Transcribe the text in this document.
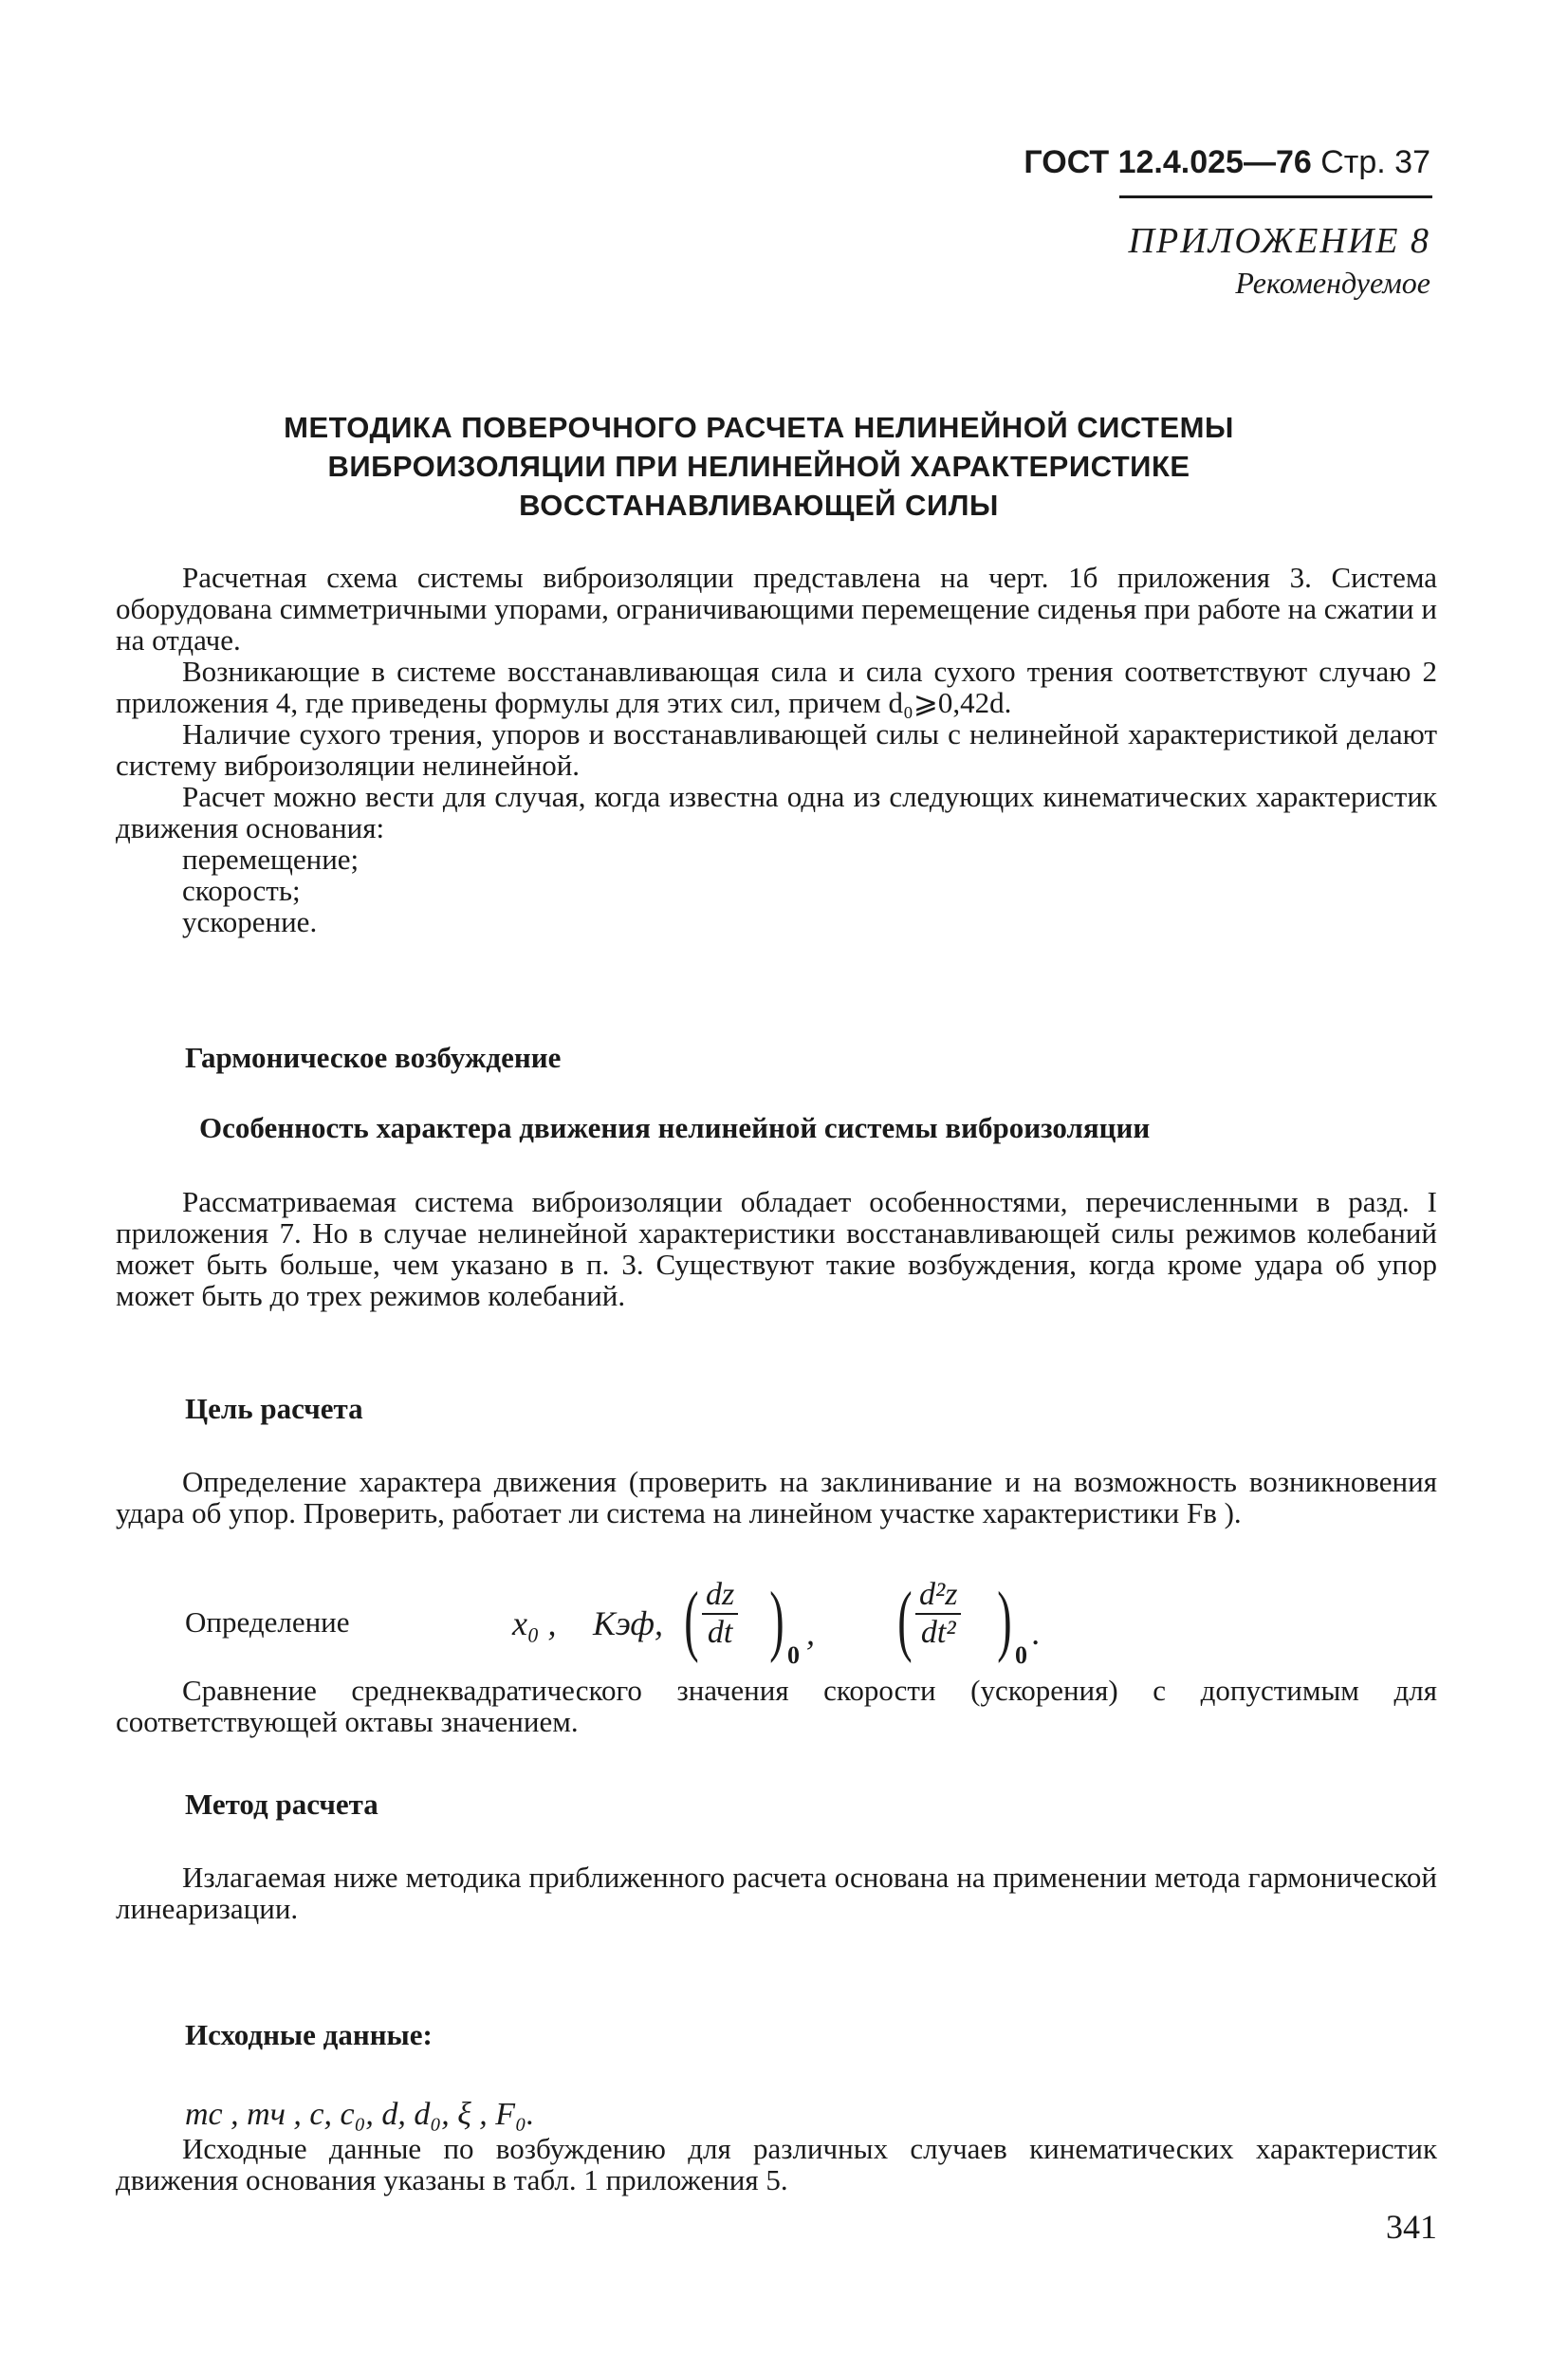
ГОСТ 12.4.025—76 Стр. 37
ПРИЛОЖЕНИЕ 8
Рекомендуемое
МЕТОДИКА ПОВЕРОЧНОГО РАСЧЕТА НЕЛИНЕЙНОЙ СИСТЕМЫ
ВИБРОИЗОЛЯЦИИ ПРИ НЕЛИНЕЙНОЙ ХАРАКТЕРИСТИКЕ
ВОССТАНАВЛИВАЮЩЕЙ СИЛЫ

Расчетная схема системы виброизоляции представлена на черт. 1б приложения 3. Система оборудована симметричными упорами, ограничивающими перемещение сиденья при работе на сжатии и на отдаче.

Возникающие в системе восстанавливающая сила и сила сухого трения соответствуют случаю 2 приложения 4, где приведены формулы для этих сил, причем d₀⩾0,42d.

Наличие сухого трения, упоров и восстанавливающей силы с нелинейной характеристикой делают систему виброизоляции нелинейной.

Расчет можно вести для случая, когда известна одна из следующих кинематических характеристик движения основания:

перемещение;

скорость;

ускорение.

Гармоническое возбуждение
Особенность характера движения нелинейной системы виброизоляции

Рассматриваемая система виброизоляции обладает особенностями, перечисленными в разд. I приложения 7. Но в случае нелинейной характеристики восстанавливающей силы режимов колебаний может быть больше, чем указано в п. 3. Существуют такие возбуждения, когда кроме удара об упор может быть до трех режимов колебаний.

Цель расчета

Определение характера движения (проверить на заклинивание и на возможность возникновения удара об упор. Проверить, работает ли система на линейном участке характеристики Fв ).

Определение	x₀ , Kэф, ( $\frac{dz}{dt}$ ) 0
, ( $\frac{\text{d²z}}{\text{dt²}}$ ) 0
.

Сравнение среднеквадратического значения скорости (ускорения) с допустимым для соответствующей октавы значением.

Метод расчета

Излагаемая ниже методика приближенного расчета основана на применении метода гармонической линеаризации.

Исходные данные:
mс , mч , c, c₀, d, d₀, ξ , F₀.

Исходные данные по возбуждению для различных случаев кинематических характеристик движения основания указаны в табл. 1 приложения 5.

341
